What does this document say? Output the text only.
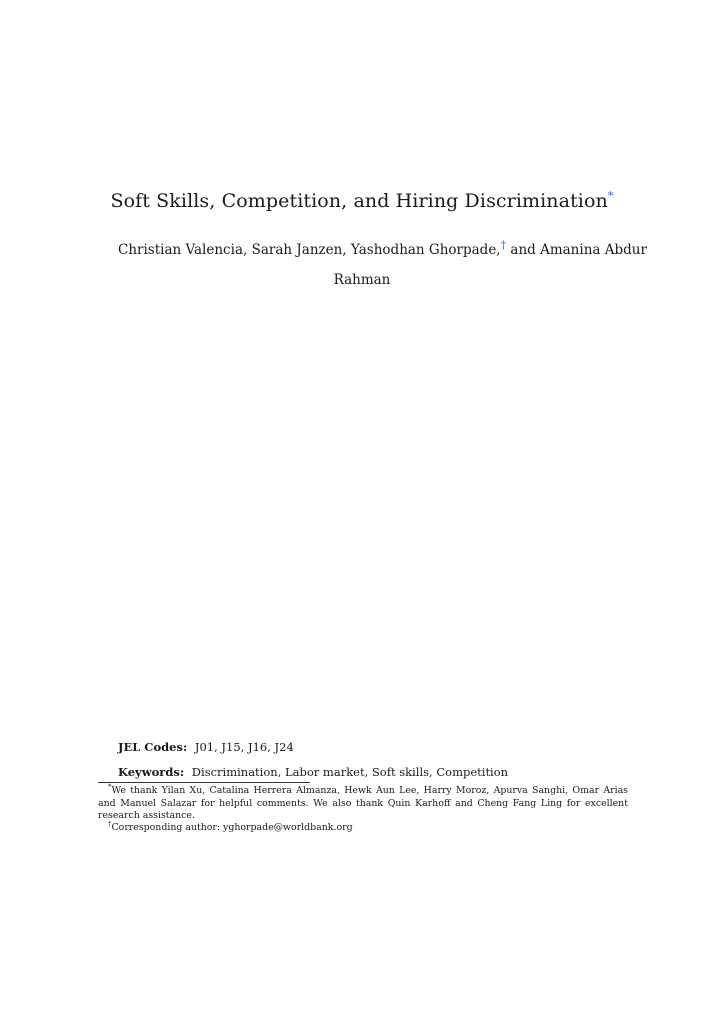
Soft Skills, Competition, and Hiring Discrimination*
Christian Valencia, Sarah Janzen, Yashodhan Ghorpade,† and Amanina Abdur
Rahman
JEL Codes: J01, J15, J16, J24
Keywords: Discrimination, Labor market, Soft skills, Competition
*We thank Yilan Xu, Catalina Herrera Almanza, Hewk Aun Lee, Harry Moroz, Apurva Sanghi, Omar Arias and Manuel Salazar for helpful comments. We also thank Quin Karhoff and Cheng Fang Ling for excellent research assistance.
†Corresponding author: yghorpade@worldbank.org
